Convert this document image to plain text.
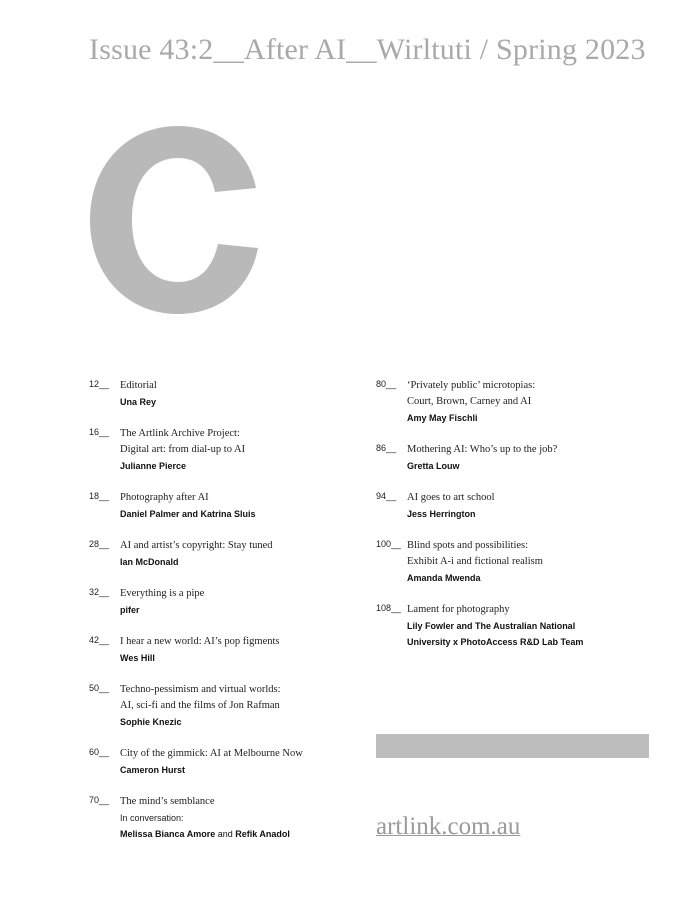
Issue 43:2__After AI__Wirltuti / Spring 2023
12__ Editorial
Una Rey
16__ The Artlink Archive Project:
Digital art: from dial-up to AI
Julianne Pierce
18__ Photography after AI
Daniel Palmer and Katrina Sluis
28__ AI and artist’s copyright: Stay tuned
Ian McDonald
32__ Everything is a pipe
pifer
42__ I hear a new world: AI’s pop figments
Wes Hill
50__ Techno-pessimism and virtual worlds:
AI, sci-fi and the films of Jon Rafman
Sophie Knezic
60__ City of the gimmick: AI at Melbourne Now
Cameron Hurst
70__ The mind’s semblance
In conversation:
Melissa Bianca Amore and Refik Anadol
80__ ‘Privately public’ microtopias:
Court, Brown, Carney and AI
Amy May Fischli
86__ Mothering AI: Who’s up to the job?
Gretta Louw
94__ AI goes to art school
Jess Herrington
100__ Blind spots and possibilities:
Exhibit A-i and fictional realism
Amanda Mwenda
108__ Lament for photography
Lily Fowler and The Australian National
University x PhotoAccess R&D Lab Team
artlink.com.au
